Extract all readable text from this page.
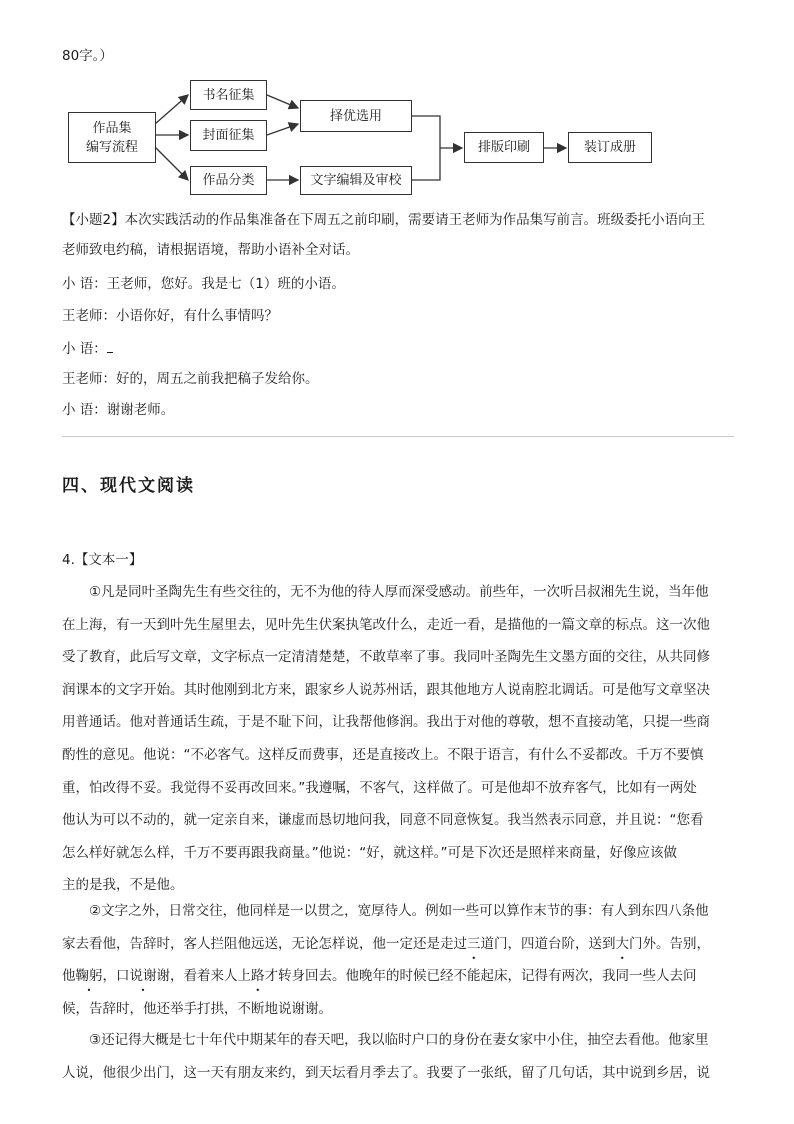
80字。）
作品集
编写流程
书名征集
封面征集
作品分类
择优选用
文字编辑及审校
排版印刷	装订成册
【小题2】本次实践活动的作品集准备在下周五之前印刷，需要请王老师为作品集写前言。班级委托小语向王
老师致电约稿，请根据语境，帮助小语补全对话。
小 语：王老师，您好。我是七（1）班的小语。
王老师：小语你好，有什么事情吗？
小 语：
王老师：好的，周五之前我把稿子发给你。
小 语：谢谢老师。
四、现代文阅读
4.【文本一】
①凡是同叶圣陶先生有些交往的，无不为他的待人厚而深受感动。前些年，一次听吕叔湘先生说，当年他
在上海，有一天到叶先生屋里去，见叶先生伏案执笔改什么，走近一看，是描他的一篇文章的标点。这一次他
受了教育，此后写文章，文字标点一定清清楚楚，不敢草率了事。我同叶圣陶先生文墨方面的交往，从共同修
润课本的文字开始。其时他刚到北方来，跟家乡人说苏州话，跟其他地方人说南腔北调话。可是他写文章坚决
用普通话。他对普通话生疏，于是不耻下问，让我帮他修润。我出于对他的尊敬，想不直接动笔，只提一些商
酌性的意见。他说：“不必客气。这样反而费事，还是直接改上。不限于语言，有什么不妥都改。千万不要慎
重，怕改得不妥。我觉得不妥再改回来。”我遵嘱，不客气，这样做了。可是他却不放弃客气，比如有一两处
他认为可以不动的，就一定亲自来，谦虚而恳切地问我，同意不同意恢复。我当然表示同意，并且说：“您看
怎么样好就怎么样，千万不要再跟我商量。”他说：“好，就这样。”可是下次还是照样来商量，好像应该做
主的是我，不是他。
②文字之外，日常交往，他同样是一以贯之，宽厚待人。例如一些可以算作末节的事：有人到东四八条他
家去看他，告辞时，客人拦阻他远送，无论怎样说，他一定还是走过三道门 •，四道台阶，送到大门外 •。告别，
他鞠躬，口说谢谢，看着来人上路才转身回去 •。他晚年的时候已经不能起床，记得有两次，我同一些人去问
候，告辞时，他还举手打拱，不断地说谢谢。
③还记得大概是七十年代中期某年的春天吧，我以临时户口的身份在妻女家中小住，抽空去看他。他家里
人说，他很少出门，这一天有朋友来约，到天坛看月季去了。我要了一张纸，留了几句话，其中说到乡居，说
